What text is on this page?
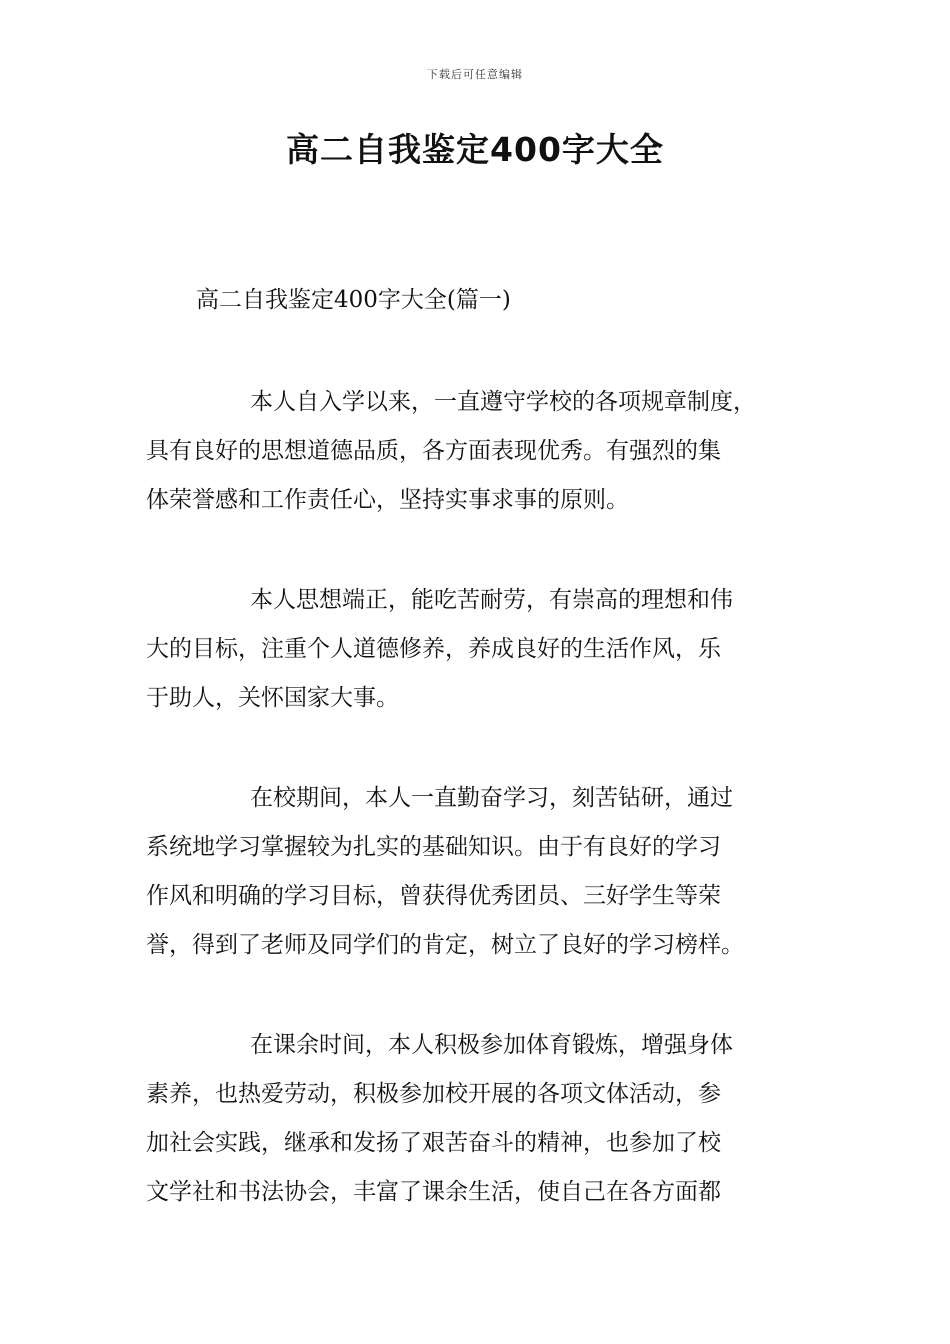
下载后可任意编辑
高二自我鉴定400字大全

高二自我鉴定400字大全(篇一)

本人自入学以来，一直遵守学校的各项规章制度，
具有良好的思想道德品质，各方面表现优秀。有强烈的集
体荣誉感和工作责任心，坚持实事求事的原则。

本人思想端正，能吃苦耐劳，有崇高的理想和伟
大的目标，注重个人道德修养，养成良好的生活作风，乐
于助人，关怀国家大事。

在校期间，本人一直勤奋学习，刻苦钻研，通过
系统地学习掌握较为扎实的基础知识。由于有良好的学习
作风和明确的学习目标，曾获得优秀团员、三好学生等荣
誉，得到了老师及同学们的肯定，树立了良好的学习榜样。

在课余时间，本人积极参加体育锻炼，增强身体
素养，也热爱劳动，积极参加校开展的各项文体活动，参
加社会实践，继承和发扬了艰苦奋斗的精神，也参加了校
文学社和书法协会，丰富了课余生活，使自己在各方面都
